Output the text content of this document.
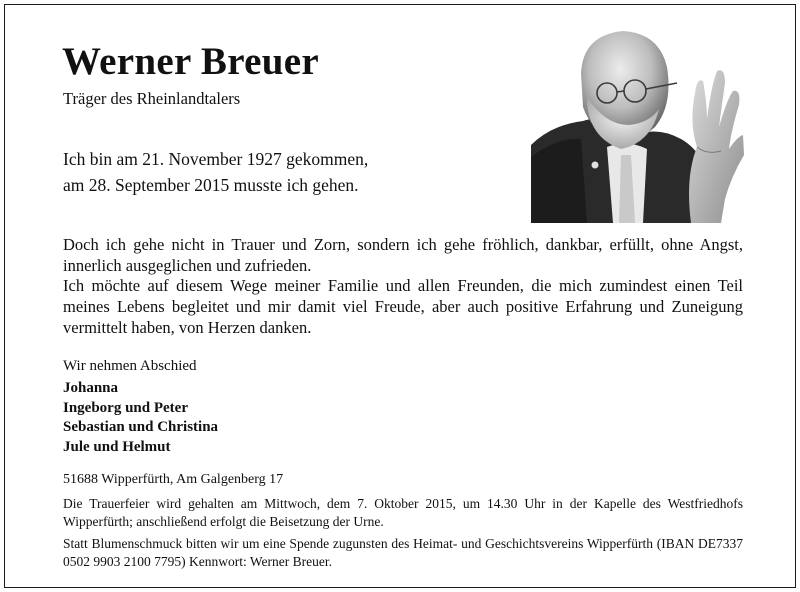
Werner Breuer
Träger des Rheinlandtalers

Ich bin am 21. November 1927 gekommen,

am 28. September 2015 musste ich gehen.

Doch ich gehe nicht in Trauer und Zorn, sondern ich gehe fröhlich, dankbar, erfüllt, ohne Angst, innerlich ausgeglichen und zufrieden.

Ich möchte auf diesem Wege meiner Familie und allen Freunden, die mich zumindest einen Teil meines Lebens begleitet und mir damit viel Freude, aber auch positive Erfahrung und Zuneigung vermittelt haben, von Herzen danken.

Wir nehmen Abschied
Johanna
Ingeborg und Peter
Sebastian und Christina
Jule und Helmut
51688 Wipperfürth, Am Galgenberg 17

Die Trauerfeier wird gehalten am Mittwoch, dem 7. Oktober 2015, um 14.30 Uhr in der Kapelle des Westfriedhofs Wipperfürth; anschließend erfolgt die Beisetzung der Urne.

Statt Blumenschmuck bitten wir um eine Spende zugunsten des Heimat- und Geschichtsvereins Wipperfürth (IBAN DE7337 0502 9903 2100 7795) Kennwort: Werner Breuer.
